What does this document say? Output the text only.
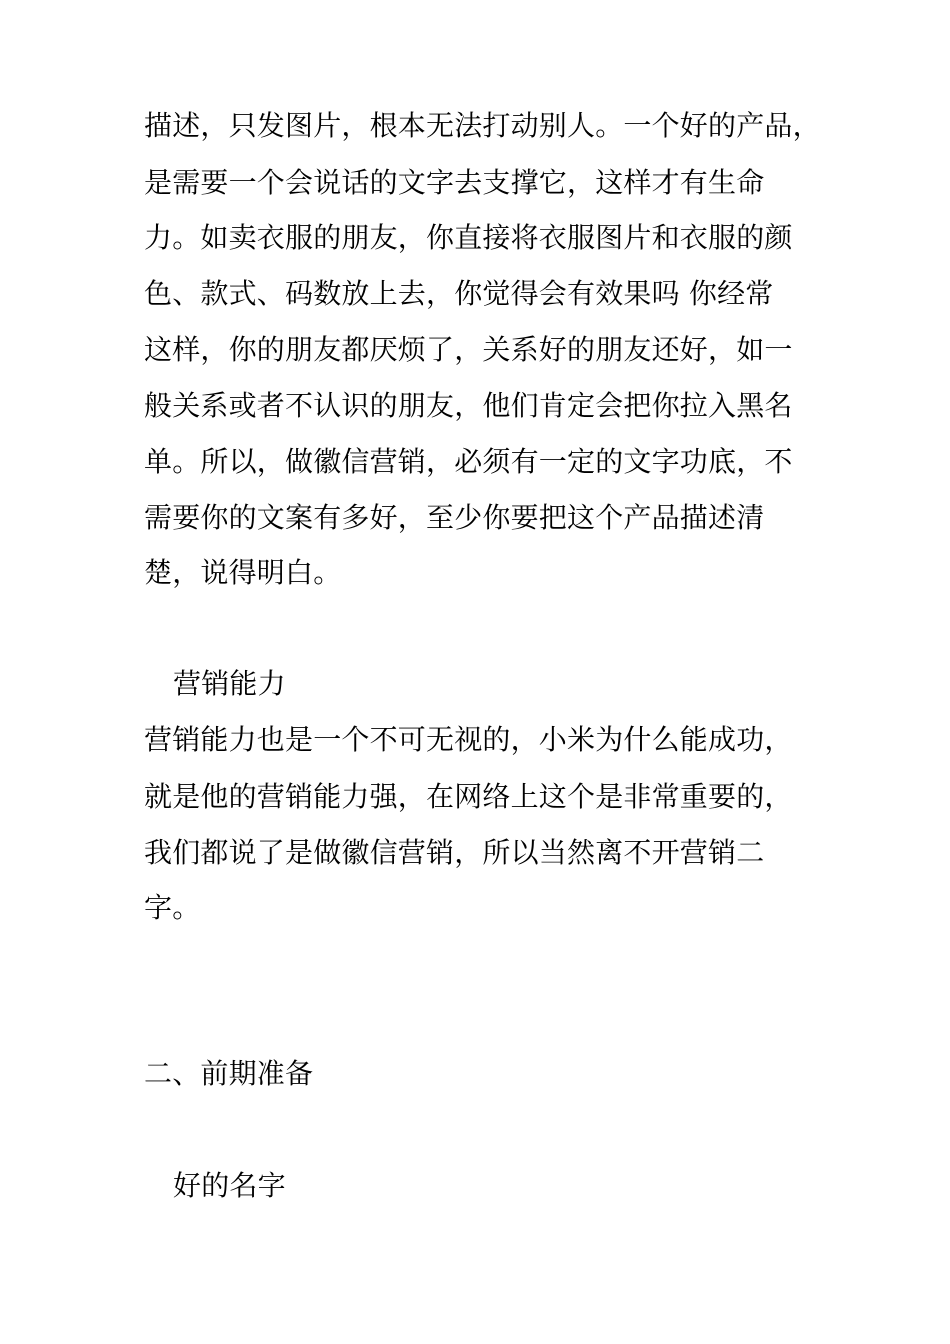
描述，只发图片，根本无法打动别人。一个好的产品，
是需要一个会说话的文字去支撑它，这样才有生命
力。如卖衣服的朋友，你直接将衣服图片和衣服的颜
色、款式、码数放上去，你觉得会有效果吗 你经常
这样，你的朋友都厌烦了，关系好的朋友还好，如一
般关系或者不认识的朋友，他们肯定会把你拉入黑名
单。所以，做徽信营销，必须有一定的文字功底，不
需要你的文案有多好，至少你要把这个产品描述清
楚，说得明白。
营销能力
营销能力也是一个不可无视的，小米为什么能成功，
就是他的营销能力强，在网络上这个是非常重要的，
我们都说了是做徽信营销，所以当然离不开营销二
字。
二、前期准备
好的名字
